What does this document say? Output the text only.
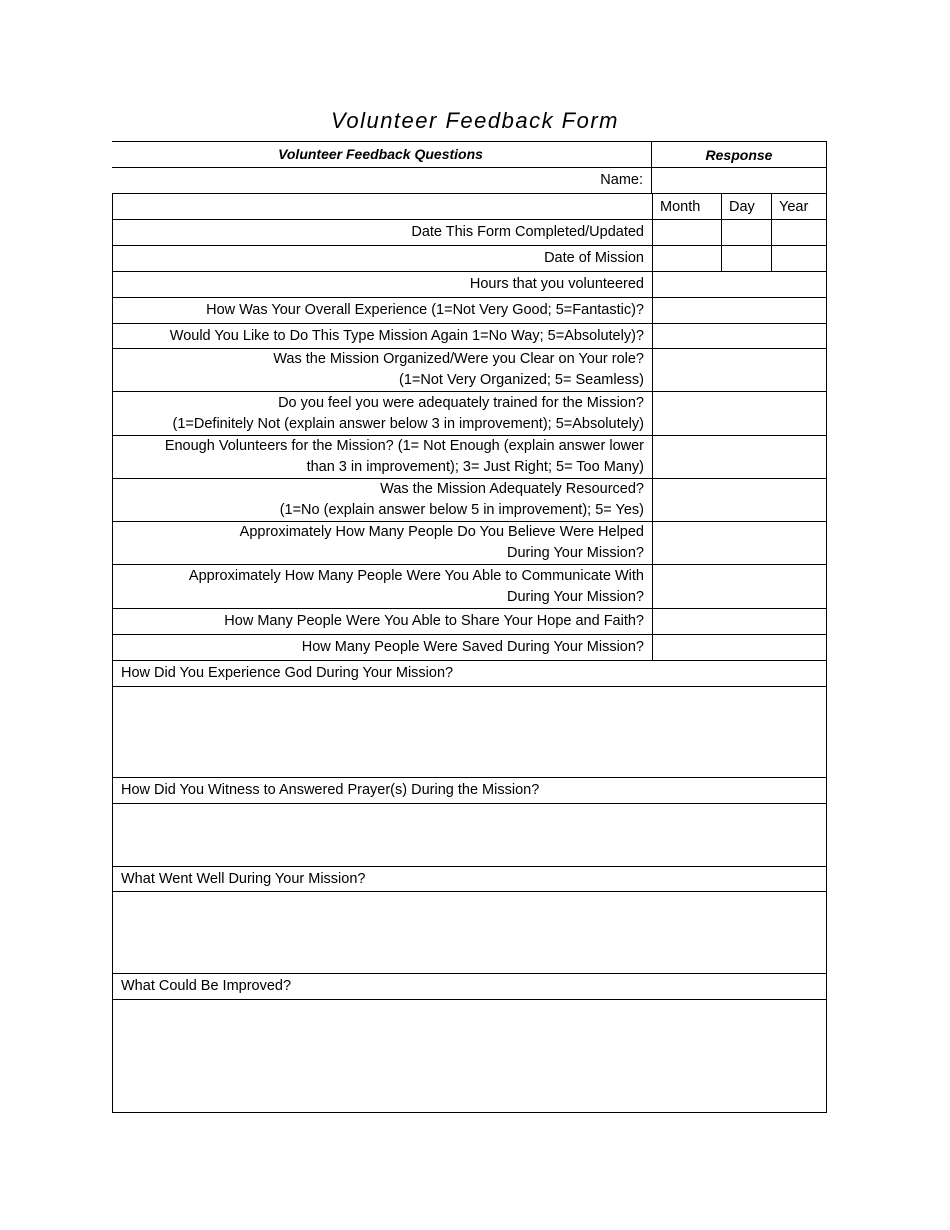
Volunteer Feedback Form
Volunteer Feedback Questions	Response
Name:
Month	Day	Year
Date This Form Completed/Updated
Date of Mission
Hours that you volunteered
How Was Your Overall Experience (1=Not Very Good; 5=Fantastic)?
Would You Like to Do This Type Mission Again 1=No Way; 5=Absolutely)?
Was the Mission Organized/Were you Clear on Your role?
(1=Not Very Organized; 5= Seamless)
Do you feel you were adequately trained for the Mission?
(1=Definitely Not (explain answer below 3 in improvement); 5=Absolutely)
Enough Volunteers for the Mission? (1= Not Enough (explain answer lower
than 3 in improvement); 3= Just Right; 5= Too Many)
Was the Mission Adequately Resourced?
(1=No (explain answer below 5 in improvement); 5= Yes)
Approximately How Many People Do You Believe Were Helped
During Your Mission?
Approximately How Many People Were You Able to Communicate With
During Your Mission?
How Many People Were You Able to Share Your Hope and Faith?
How Many People Were Saved During Your Mission?
How Did You Experience God During Your Mission?
How Did You Witness to Answered Prayer(s) During the Mission?
What Went Well During Your Mission?
What Could Be Improved?
